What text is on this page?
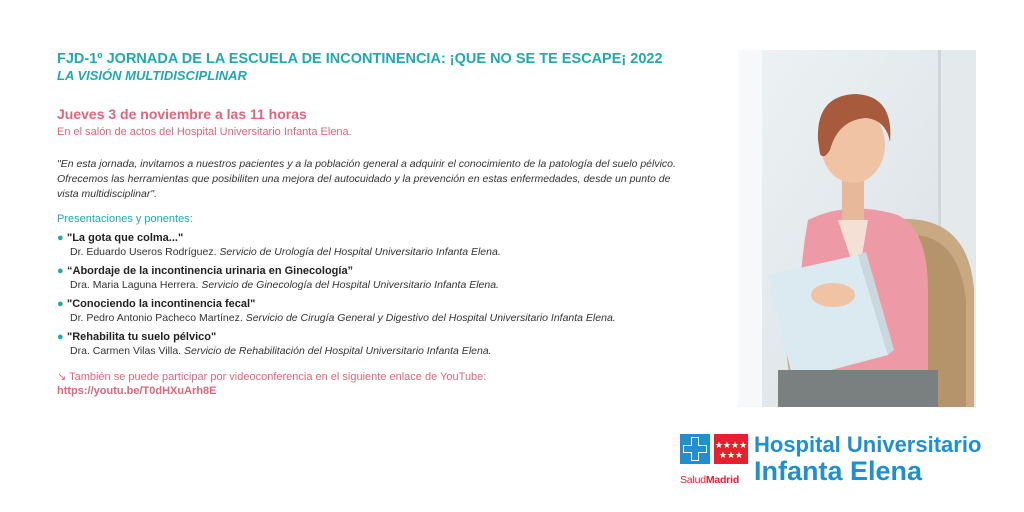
FJD-1º JORNADA DE LA ESCUELA DE INCONTINENCIA: ¡QUE NO SE TE ESCAPE¡ 2022
LA VISIÓN MULTIDISCIPLINAR
Jueves 3 de noviembre a las 11 horas
En el salón de actos del Hospital Universitario Infanta Elena.
"En esta jornada, invitamos a nuestros pacientes y a la población general a adquirir el conocimiento de la patología del suelo pélvico. Ofrecemos las herramientas que posibiliten una mejora del autocuidado y la prevención en estas enfermedades, desde un punto de vista multidisciplinar".
Presentaciones y ponentes:
● "La gota que colma..."
Dr. Eduardo Useros Rodríguez. Servicio de Urología del Hospital Universitario Infanta Elena.
● “Abordaje de la incontinencia urinaria en Ginecología”
Dra. Maria Laguna Herrera. Servicio de Ginecología del Hospital Universitario Infanta Elena.
● "Conociendo la incontinencia fecal"
Dr. Pedro Antonio Pacheco Martínez. Servicio de Cirugía General y Digestivo del Hospital Universitario Infanta Elena.
● "Rehabilita tu suelo pélvico"
Dra. Carmen Vilas Villa. Servicio de Rehabilitación del Hospital Universitario Infanta Elena.
↘ También se puede participar por videoconferencia en el siguiente enlace de YouTube:
https://youtu.be/T0dHXuArh8E
★★★★
★★★
SaludMadrid
Hospital Universitario
Infanta Elena
